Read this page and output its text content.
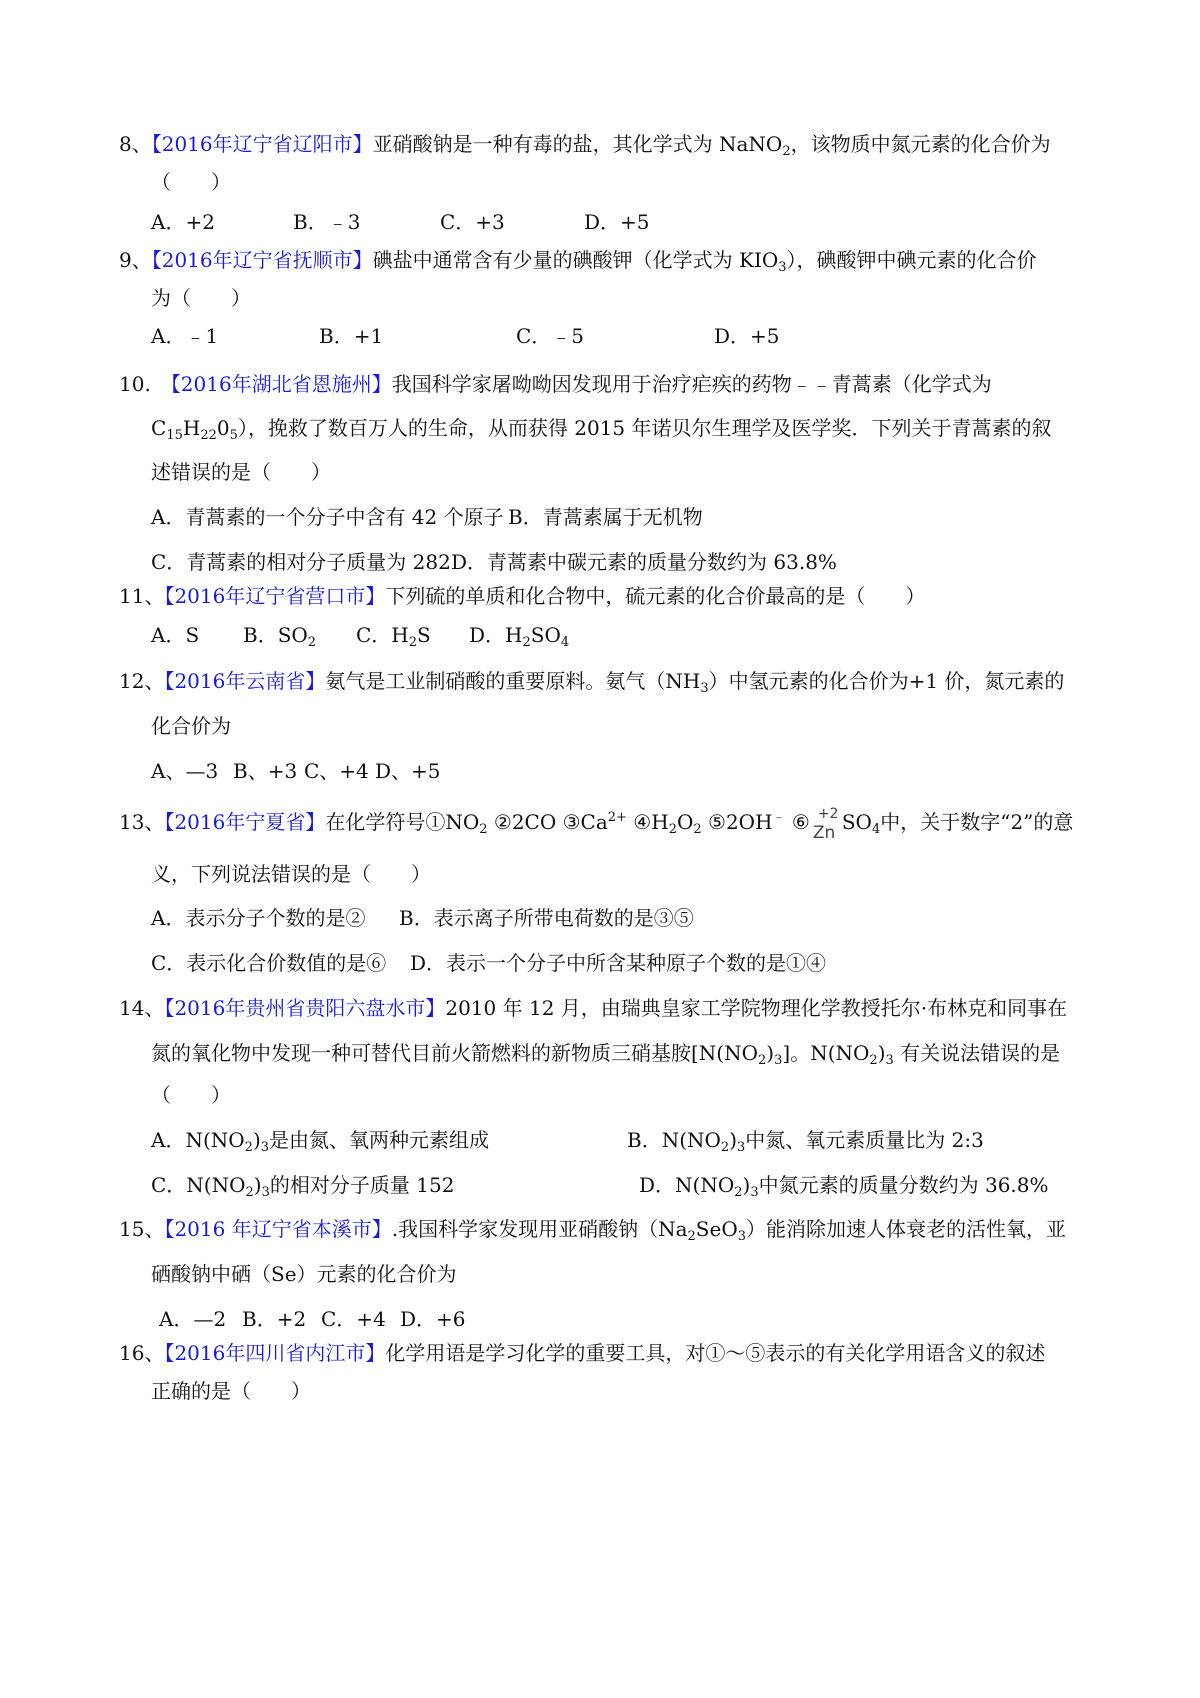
8、【2016年辽宁省辽阳市】亚硝酸钠是一种有毒的盐，其化学式为 NaNO$_2$，该物质中氮元素的化合价为
（　　）
A．+2	B．﹣3	C．+3	D．+5
9、【2016年辽宁省抚顺市】碘盐中通常含有少量的碘酸钾（化学式为 $KIO_3$），碘酸钾中碘元素的化合价
为（　　）
A．﹣1	B．+1	C．﹣5	D．+5
10.　【2016年湖北省恩施州】我国科学家屠呦呦因发现用于治疗疟疾的药物﹣﹣青蒿素（化学式为
$C_{15}H_{22}0_5$），挽救了数百万人的生命，从而获得 2015 年诺贝尔生理学及医学奖．下列关于青蒿素的叙
述错误的是（　　）
A．青蒿素的一个分子中含有 42 个原子 B．青蒿素属于无机物
C．青蒿素的相对分子质量为 282 D．青蒿素中碳元素的质量分数约为 63.8%
11、【2016年辽宁省营口市】下列硫的单质和化合物中，硫元素的化合价最高的是（　　）
A．S B．$SO_2$ C．$H_2S$ D．$H_2SO_4$
12、【2016年云南省】氨气是工业制硝酸的重要原料。氨气$(NH_3)$中氢元素的化合价为+1 价，氮元素的
化合价为
A、—3 B、+3 C、+4 D、+5
13、【2016年宁夏省】在化学符号$①NO_2$ ②2CO $③Ca^{2+}$ $④H_2O_2$ ⑤2OH﹣ ⑥ +2
Zn $SO_4$中，关于数字“2”的意
义，下列说法错误的是（　　）
A．表示分子个数的是② B．表示离子所带电荷数的是③⑤
C．表示化合价数值的是⑥ D．表示一个分子中所含某种原子个数的是①④
14、【2016年贵州省贵阳六盘水市】2010 年 12 月，由瑞典皇家工学院物理化学教授托尔·布林克和同事在
氮的氧化物中发现一种可替代目前火箭燃料的新物质三硝基胺$[N(NO_2)_3]$。$N(NO_2)_3$ 有关说法错误的是
（　　）
A．$N(NO_2)_3$是由氮、氧两种元素组成	B．$N(NO_2)_3$中氮、氧元素质量比为 2:3
C．$N(NO_2)_3$的相对分子质量 152	D．$N(NO_2)_3$中氮元素的质量分数约为 36.8%
15、【2016 年辽宁省本溪市】.我国科学家发现用亚硝酸钠$(Na_2SeO_3)$能消除加速人体衰老的活性氧，亚
硒酸钠中硒（Se）元素的化合价为
A．—2 B．+2 C．+4 D．+6
16、【2016年四川省内江市】化学用语是学习化学的重要工具，对①～⑤表示的有关化学用语含义的叙述
正确的是（　　）
